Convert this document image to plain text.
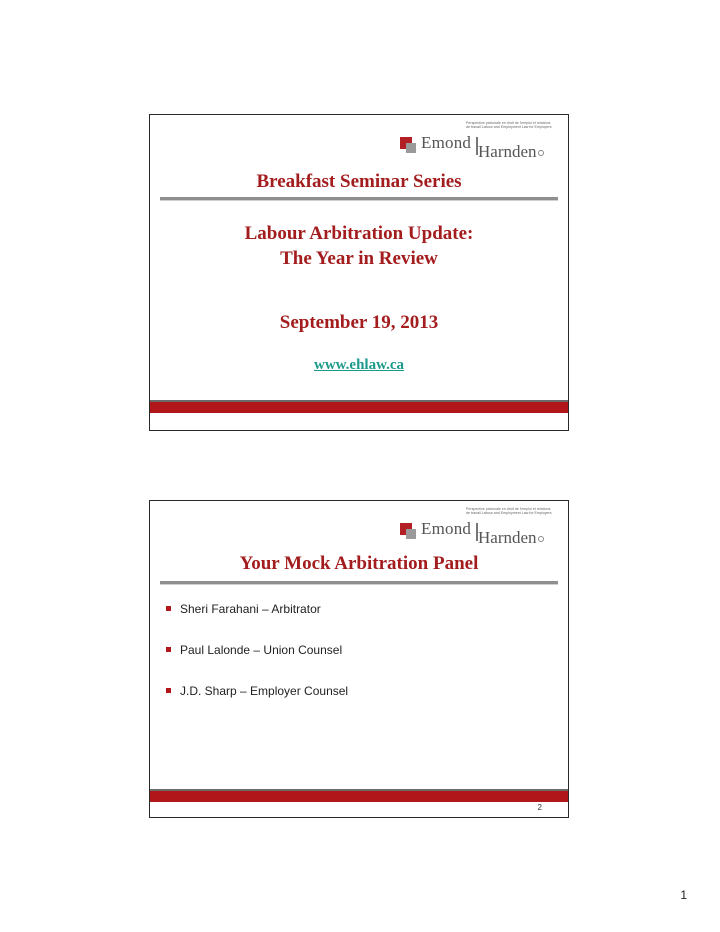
Perspective patronale en droit de l'emploi et relations de travail Labour and Employment Law for Employers
Emond Harnden
Breakfast Seminar Series
Labour Arbitration Update:
The Year in Review
September 19, 2013
www.ehlaw.ca
Perspective patronale en droit de l'emploi et relations de travail Labour and Employment Law for Employers
Emond Harnden
Your Mock Arbitration Panel
Sheri Farahani – Arbitrator
Paul Lalonde – Union Counsel
J.D. Sharp – Employer Counsel
2
1
